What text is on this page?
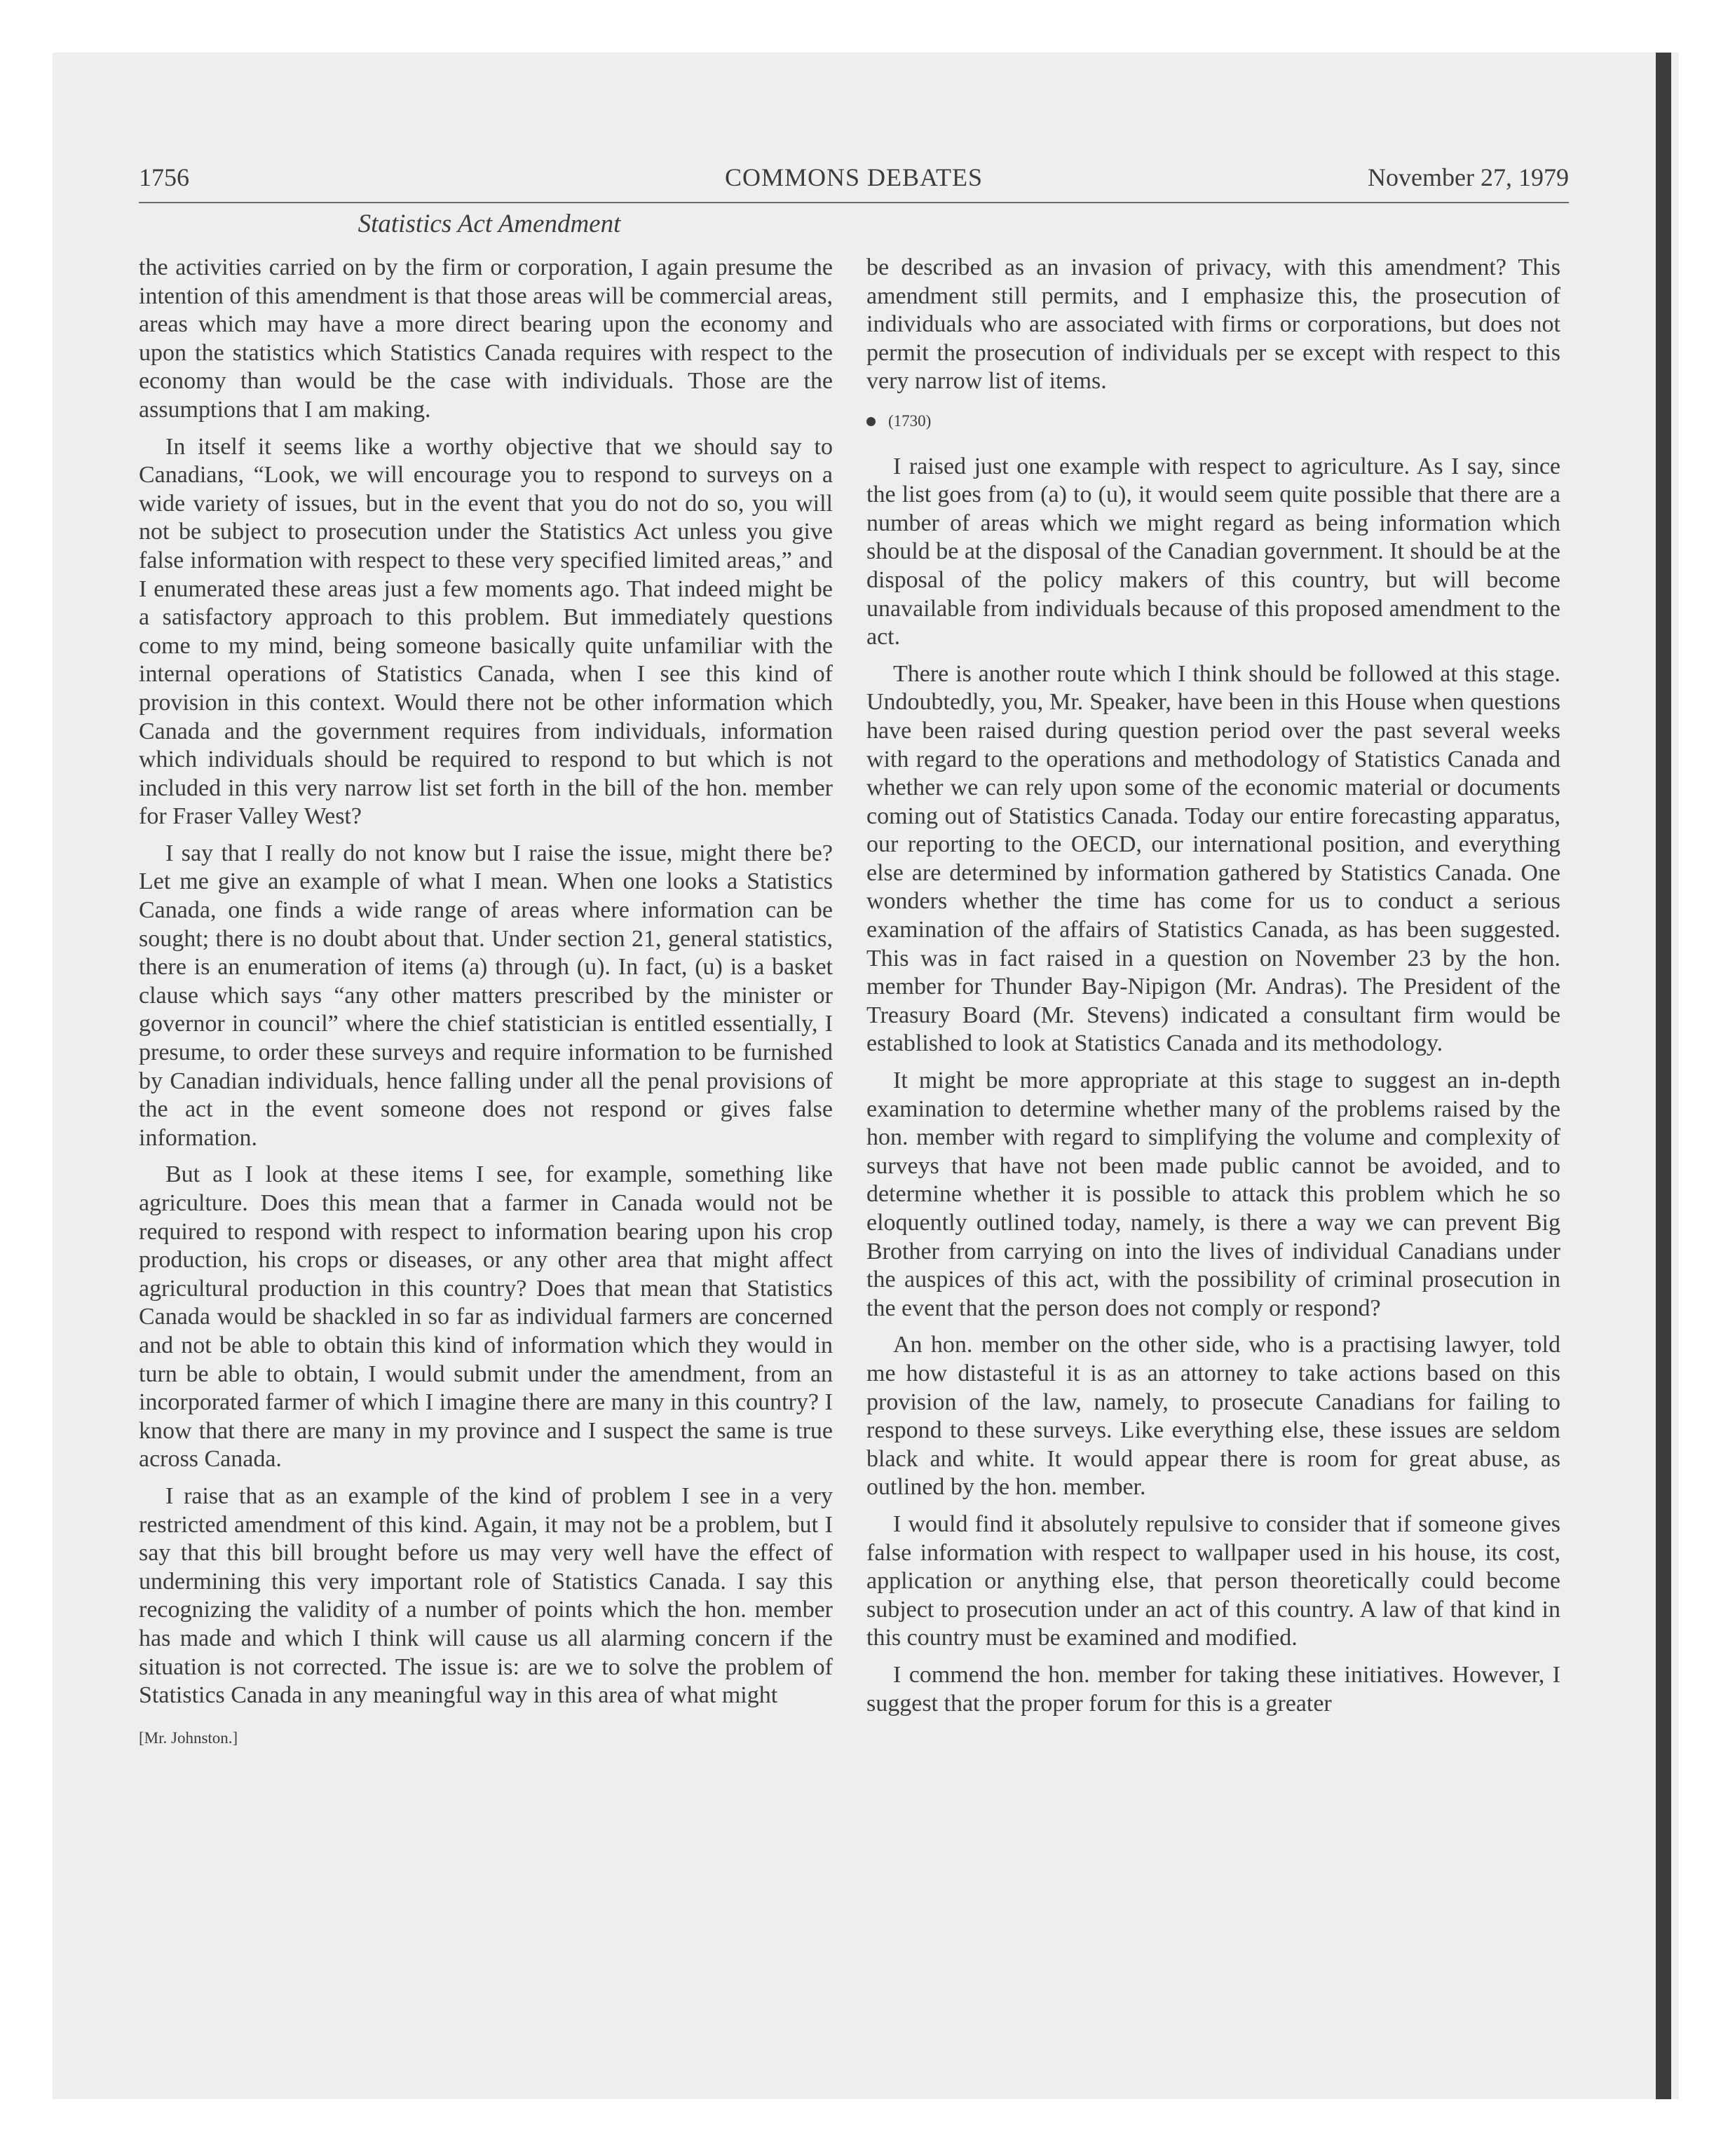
1756	COMMONS DEBATES	November 27, 1979
Statistics Act Amendment

the activities carried on by the firm or corporation, I again presume the intention of this amendment is that those areas will be commercial areas, areas which may have a more direct bearing upon the economy and upon the statistics which Statistics Canada requires with respect to the economy than would be the case with individuals. Those are the assumptions that I am making.

In itself it seems like a worthy objective that we should say to Canadians, “Look, we will encourage you to respond to surveys on a wide variety of issues, but in the event that you do not do so, you will not be subject to prosecution under the Statistics Act unless you give false information with respect to these very specified limited areas,” and I enumerated these areas just a few moments ago. That indeed might be a satisfactory approach to this problem. But immediately questions come to my mind, being someone basically quite unfamiliar with the internal operations of Statistics Canada, when I see this kind of provision in this context. Would there not be other information which Canada and the government requires from individuals, information which individuals should be required to respond to but which is not included in this very narrow list set forth in the bill of the hon. member for Fraser Valley West?

I say that I really do not know but I raise the issue, might there be? Let me give an example of what I mean. When one looks a Statistics Canada, one finds a wide range of areas where information can be sought; there is no doubt about that. Under section 21, general statistics, there is an enumeration of items (a) through (u). In fact, (u) is a basket clause which says “any other matters prescribed by the minister or governor in council” where the chief statistician is entitled essentially, I presume, to order these surveys and require information to be furnished by Canadian individuals, hence falling under all the penal provisions of the act in the event someone does not respond or gives false information.

But as I look at these items I see, for example, something like agriculture. Does this mean that a farmer in Canada would not be required to respond with respect to information bearing upon his crop production, his crops or diseases, or any other area that might affect agricultural production in this country? Does that mean that Statistics Canada would be shackled in so far as individual farmers are concerned and not be able to obtain this kind of information which they would in turn be able to obtain, I would submit under the amendment, from an incorporated farmer of which I imagine there are many in this country? I know that there are many in my province and I suspect the same is true across Canada.

I raise that as an example of the kind of problem I see in a very restricted amendment of this kind. Again, it may not be a problem, but I say that this bill brought before us may very well have the effect of undermining this very important role of Statistics Canada. I say this recognizing the validity of a number of points which the hon. member has made and which I think will cause us all alarming concern if the situation is not corrected. The issue is: are we to solve the problem of Statistics Canada in any meaningful way in this area of what might

[Mr. Johnston.]

be described as an invasion of privacy, with this amendment? This amendment still permits, and I emphasize this, the prosecution of individuals who are associated with firms or corporations, but does not permit the prosecution of individuals per se except with respect to this very narrow list of items.

(1730)

I raised just one example with respect to agriculture. As I say, since the list goes from (a) to (u), it would seem quite possible that there are a number of areas which we might regard as being information which should be at the disposal of the Canadian government. It should be at the disposal of the policy makers of this country, but will become unavailable from individuals because of this proposed amendment to the act.

There is another route which I think should be followed at this stage. Undoubtedly, you, Mr. Speaker, have been in this House when questions have been raised during question period over the past several weeks with regard to the operations and methodology of Statistics Canada and whether we can rely upon some of the economic material or documents coming out of Statistics Canada. Today our entire forecasting apparatus, our reporting to the OECD, our international position, and everything else are determined by information gathered by Statistics Canada. One wonders whether the time has come for us to conduct a serious examination of the affairs of Statistics Canada, as has been suggested. This was in fact raised in a question on November 23 by the hon. member for Thunder Bay-Nipigon (Mr. Andras). The President of the Treasury Board (Mr. Stevens) indicated a consultant firm would be established to look at Statistics Canada and its methodology.

It might be more appropriate at this stage to suggest an in-depth examination to determine whether many of the problems raised by the hon. member with regard to simplifying the volume and complexity of surveys that have not been made public cannot be avoided, and to determine whether it is possible to attack this problem which he so eloquently outlined today, namely, is there a way we can prevent Big Brother from carrying on into the lives of individual Canadians under the auspices of this act, with the possibility of criminal prosecution in the event that the person does not comply or respond?

An hon. member on the other side, who is a practising lawyer, told me how distasteful it is as an attorney to take actions based on this provision of the law, namely, to prosecute Canadians for failing to respond to these surveys. Like everything else, these issues are seldom black and white. It would appear there is room for great abuse, as outlined by the hon. member.

I would find it absolutely repulsive to consider that if someone gives false information with respect to wallpaper used in his house, its cost, application or anything else, that person theoretically could become subject to prosecution under an act of this country. A law of that kind in this country must be examined and modified.

I commend the hon. member for taking these initiatives. However, I suggest that the proper forum for this is a greater
